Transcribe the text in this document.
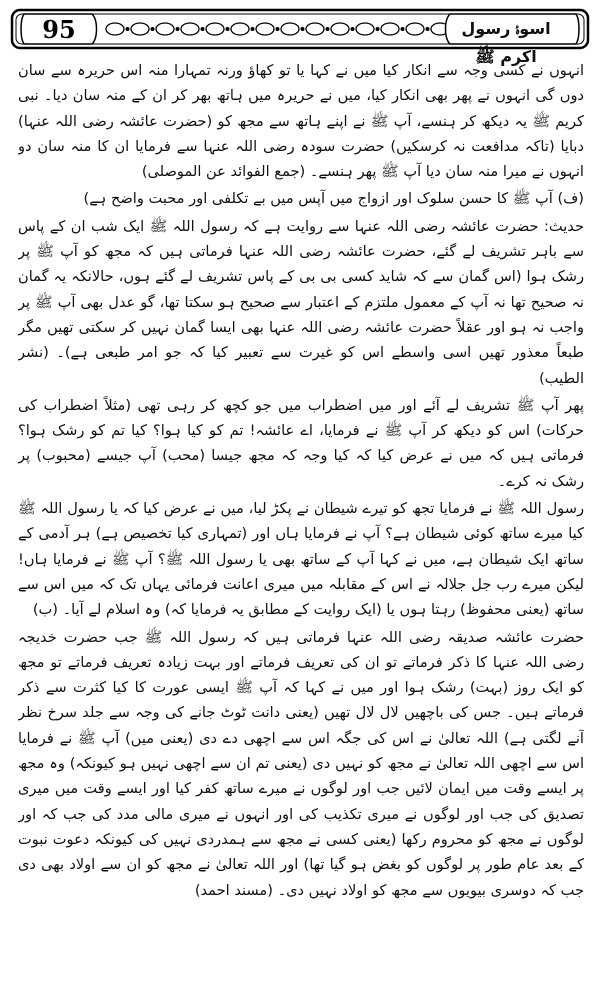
95	اسوۂ رسول اکرم ﷺ

انہوں نے کسی وجہ سے انکار کیا میں نے کہا یا تو کھاؤ ورنہ تمہارا منہ اس حریرہ سے سان دوں گی انہوں نے پھر بھی انکار کیا، میں نے حریرہ میں ہاتھ بھر کر ان کے منہ سان دیا۔ نبی کریم ﷺ یہ دیکھ کر ہنسے، آپ ﷺ نے اپنے ہاتھ سے مجھ کو (حضرت عائشہ رضی اللہ عنہا) دبایا (تاکہ مدافعت نہ کرسکیں) حضرت سودہ رضی اللہ عنہا سے فرمایا ان کا منہ سان دو انہوں نے میرا منہ سان دیا آپ ﷺ پھر ہنسے۔ (جمع الفوائد عن الموصلی)

(ف) آپ ﷺ کا حسن سلوک اور ازواج میں آپس میں بے تکلفی اور محبت واضح ہے)

حدیث: حضرت عائشہ رضی اللہ عنہا سے روایت ہے کہ رسول اللہ ﷺ ایک شب ان کے پاس سے باہر تشریف لے گئے، حضرت عائشہ رضی اللہ عنہا فرماتی ہیں کہ مجھ کو آپ ﷺ پر رشک ہوا (اس گمان سے کہ شاید کسی بی بی کے پاس تشریف لے گئے ہوں، حالانکہ یہ گمان نہ صحیح تھا نہ آپ کے معمول ملتزم کے اعتبار سے صحیح ہو سکتا تھا، گو عدل بھی آپ ﷺ پر واجب نہ ہو اور عقلاً حضرت عائشہ رضی اللہ عنہا بھی ایسا گمان نہیں کر سکتی تھیں مگر طبعاً معذور تھیں اسی واسطے اس کو غیرت سے تعبیر کیا کہ جو امر طبعی ہے)۔ (نشر الطیب)

پھر آپ ﷺ تشریف لے آئے اور میں اضطراب میں جو کچھ کر رہی تھی (مثلاً اضطراب کی حرکات) اس کو دیکھ کر آپ ﷺ نے فرمایا، اے عائشہ! تم کو کیا ہوا؟ کیا تم کو رشک ہوا؟ فرماتی ہیں کہ میں نے عرض کیا کہ کیا وجہ کہ مجھ جیسا (محب) آپ جیسے (محبوب) پر رشک نہ کرے۔

رسول اللہ ﷺ نے فرمایا تجھ کو تیرے شیطان نے پکڑ لیا، میں نے عرض کیا کہ یا رسول اللہ ﷺ کیا میرے ساتھ کوئی شیطان ہے؟ آپ نے فرمایا ہاں اور (تمہاری کیا تخصیص ہے) ہر آدمی کے ساتھ ایک شیطان ہے، میں نے کہا آپ کے ساتھ بھی یا رسول اللہ ﷺ؟ آپ ﷺ نے فرمایا ہاں! لیکن میرے رب جل جلالہ نے اس کے مقابلہ میں میری اعانت فرمائی یہاں تک کہ میں اس سے ساتھ (یعنی محفوظ) رہتا ہوں یا (ایک روایت کے مطابق یہ فرمایا کہ) وہ اسلام لے آیا۔ (ب)

حضرت عائشہ صدیقہ رضی اللہ عنہا فرماتی ہیں کہ رسول اللہ ﷺ جب حضرت خدیجہ رضی اللہ عنہا کا ذکر فرماتے تو ان کی تعریف فرماتے اور بہت زیادہ تعریف فرماتے تو مجھ کو ایک روز (بہت) رشک ہوا اور میں نے کہا کہ آپ ﷺ ایسی عورت کا کیا کثرت سے ذکر فرماتے ہیں۔ جس کی باچھیں لال لال تھیں (یعنی دانت ٹوٹ جانے کی وجہ سے جلد سرخ نظر آنے لگتی ہے) اللہ تعالیٰ نے اس کی جگہ اس سے اچھی دے دی (یعنی میں) آپ ﷺ نے فرمایا اس سے اچھی اللہ تعالیٰ نے مجھ کو نہیں دی (یعنی تم ان سے اچھی نہیں ہو کیونکہ) وہ مجھ پر ایسے وقت میں ایمان لائیں جب اور لوگوں نے میرے ساتھ کفر کیا اور ایسے وقت میں میری تصدیق کی جب اور لوگوں نے میری تکذیب کی اور انہوں نے میری مالی مدد کی جب کہ اور لوگوں نے مجھ کو محروم رکھا (یعنی کسی نے مجھ سے ہمدردی نہیں کی کیونکہ دعوت نبوت کے بعد عام طور پر لوگوں کو بغض ہو گیا تھا) اور اللہ تعالیٰ نے مجھ کو ان سے اولاد بھی دی جب کہ دوسری بیویوں سے مجھ کو اولاد نہیں دی۔ (مسند احمد)
